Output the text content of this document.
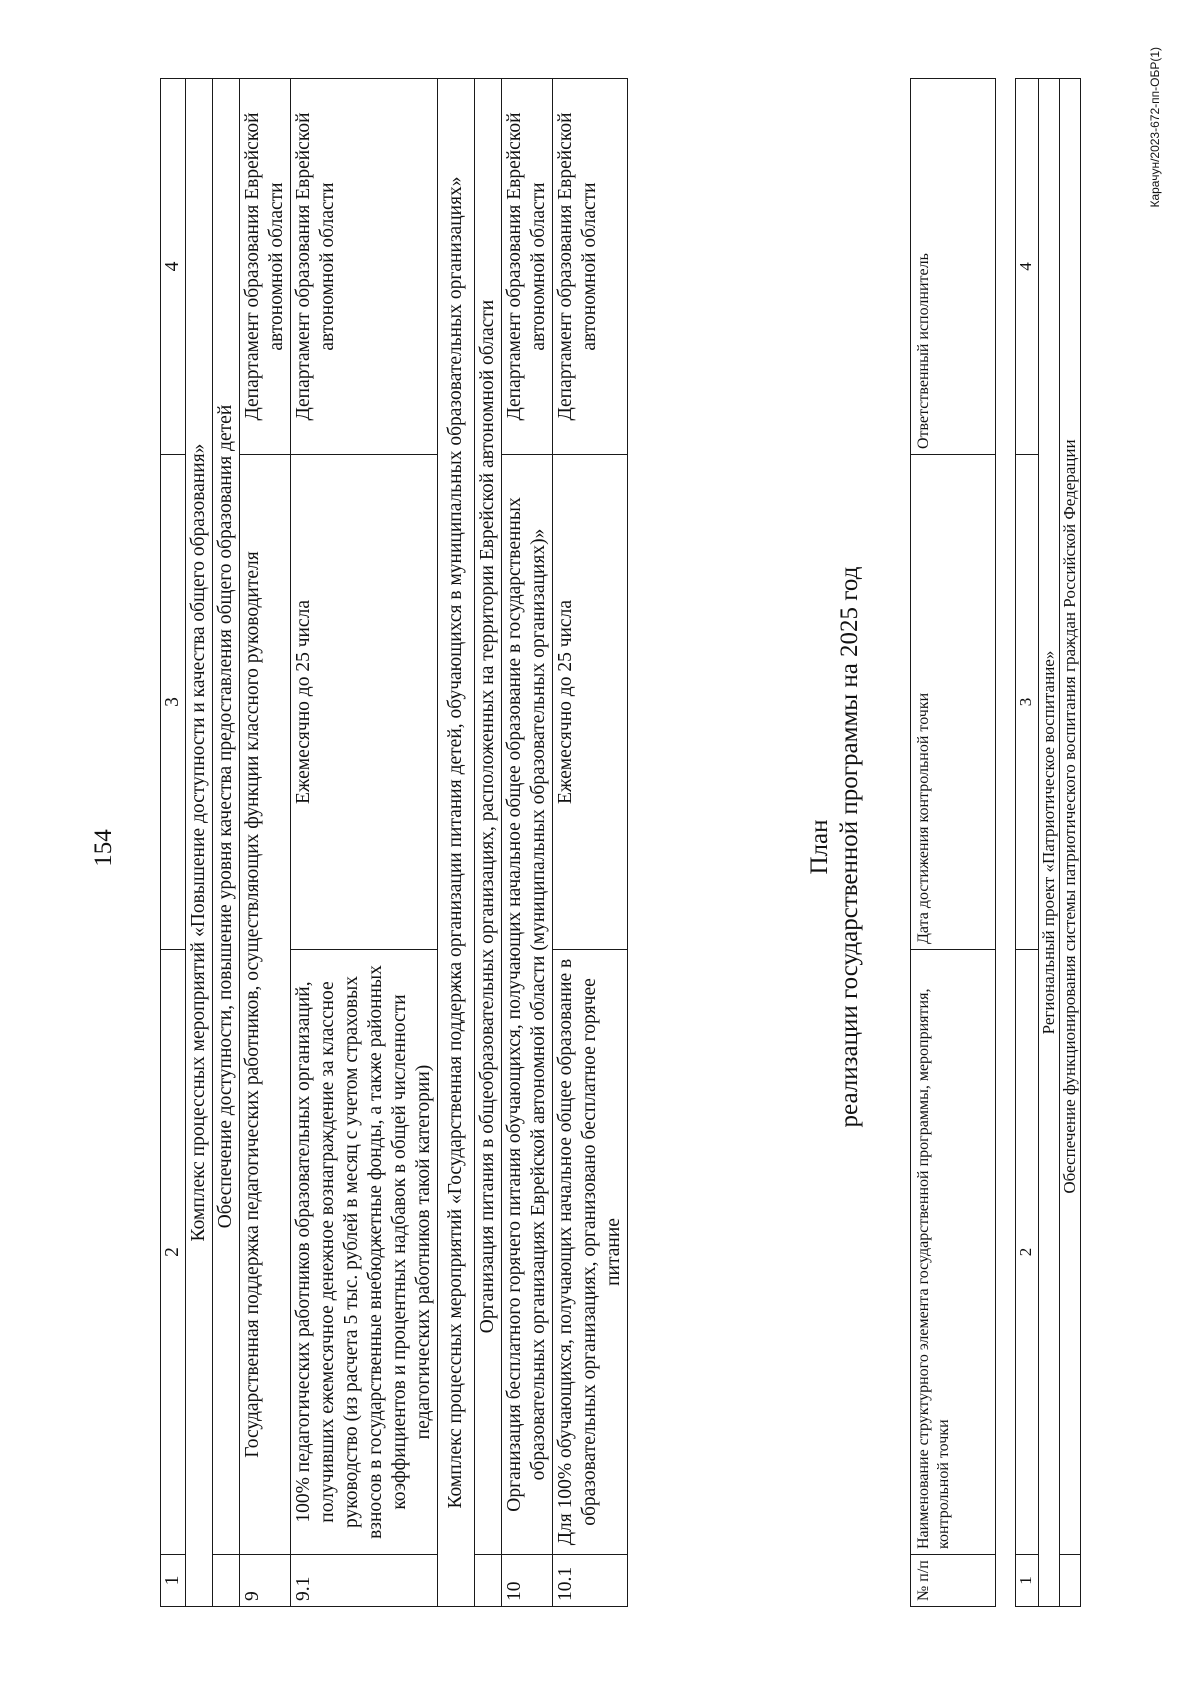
154
1	2	3	4
Комплекс процессных мероприятий «Повышение доступности и качества общего образования»			
	Обеспечение доступности, повышение уровня качества предоставления общего образования детей		
9	Государственная поддержка педагогических работников, осуществляющих функции классного руководителя		Департамент образования Еврейской автономной области
9.1	100% педагогических работников образовательных организаций, получивших ежемесячное денежное вознаграждение за классное руководство (из расчета 5 тыс. рублей в месяц с учетом страховых взносов в государственные внебюджетные фонды, а также районных коэффициентов и процентных надбавок в общей численности педагогических работников такой категории)	Ежемесячно до 25 числа	Департамент образования Еврейской автономной области
Комплекс процессных мероприятий «Государственная поддержка организации питания детей, обучающихся в муниципальных образовательных организациях»			
	Организация питания в общеобразовательных организациях, расположенных на территории Еврейской автономной области		
10	Организация бесплатного горячего питания обучающихся, получающих начальное общее образование в государственных образовательных организациях Еврейской автономной области (муниципальных образовательных организациях)»		Департамент образования Еврейской автономной области
10.1	Для 100% обучающихся, получающих начальное общее образование в образовательных организациях, организовано бесплатное горячее питание	Ежемесячно до 25 числа	Департамент образования Еврейской автономной области
План реализации государственной программы на 2025 год
№ п/п	Наименование структурного элемента государственной программы, мероприятия, контрольной точки	Дата достижения контрольной точки	Ответственный исполнитель
1	2	3	4
Региональный проект «Патриотическое воспитание»			
	Обеспечение функционирования системы патриотического воспитания граждан Российской Федерации		
Карачун/2023-672-пп-ОБР(1)
